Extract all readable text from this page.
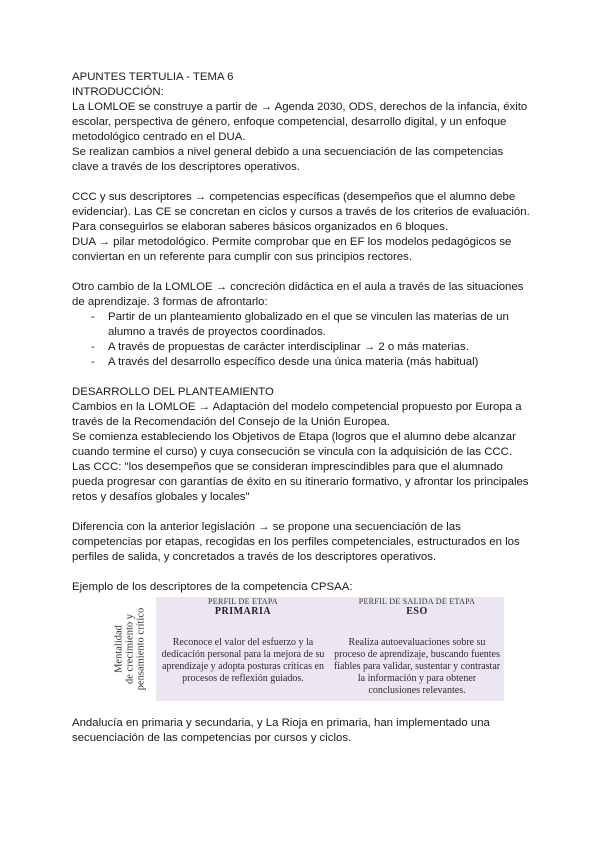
APUNTES TERTULIA - TEMA 6

INTRODUCCIÓN:

La LOMLOE se construye a partir de → Agenda 2030, ODS, derechos de la infancia, éxito escolar, perspectiva de género, enfoque competencial, desarrollo digital, y un enfoque metodológico centrado en el DUA.

Se realizan cambios a nivel general debido a una secuenciación de las competencias clave a través de los descriptores operativos.

CCC y sus descriptores → competencias específicas (desempeños que el alumno debe evidenciar). Las CE se concretan en ciclos y cursos a través de los criterios de evaluación.

Para conseguirlos se elaboran saberes básicos organizados en 6 bloques.

DUA → pilar metodológico. Permite comprobar que en EF los modelos pedagógicos se conviertan en un referente para cumplir con sus principios rectores.

Otro cambio de la LOMLOE → concreción didáctica en el aula a través de las situaciones de aprendizaje. 3 formas de afrontarlo:

- Partir de un planteamiento globalizado en el que se vinculen las materias de un alumno a través de proyectos coordinados.
- A través de propuestas de carácter interdisciplinar → 2 o más materias.
- A través del desarrollo específico desde una única materia (más habitual)

DESARROLLO DEL PLANTEAMIENTO

Cambios en la LOMLOE → Adaptación del modelo competencial propuesto por Europa a través de la Recomendación del Consejo de la Unión Europea.

Se comienza estableciendo los Objetivos de Etapa (logros que el alumno debe alcanzar cuando termine el curso) y cuya consecución se vincula con la adquisición de las CCC.

Las CCC: "los desempeños que se consideran imprescindibles para que el alumnado pueda progresar con garantías de éxito en su itinerario formativo, y afrontar los principales retos y desafíos globales y locales"

Diferencia con la anterior legislación → se propone una secuenciación de las competencias por etapas, recogidas en los perfiles competenciales, estructurados en los perfiles de salida, y concretados a través de los descriptores operativos.

Ejemplo de los descriptores de la competencia CPSAA:

Mentalidad de crecimiento y pensamiento crítico
PERFIL DE ETAPA
PRIMARIA
Reconoce el valor del esfuerzo y la dedicación personal para la mejora de su aprendizaje y adopta posturas críticas en procesos de reflexión guiados.
PERFIL DE SALIDA DE ETAPA
ESO
Realiza autoevaluaciones sobre su proceso de aprendizaje, buscando fuentes fiables para validar, sustentar y contrastar la información y para obtener conclusiones relevantes.

Andalucía en primaria y secundaria, y La Rioja en primaria, han implementado una secuenciación de las competencias por cursos y ciclos.
